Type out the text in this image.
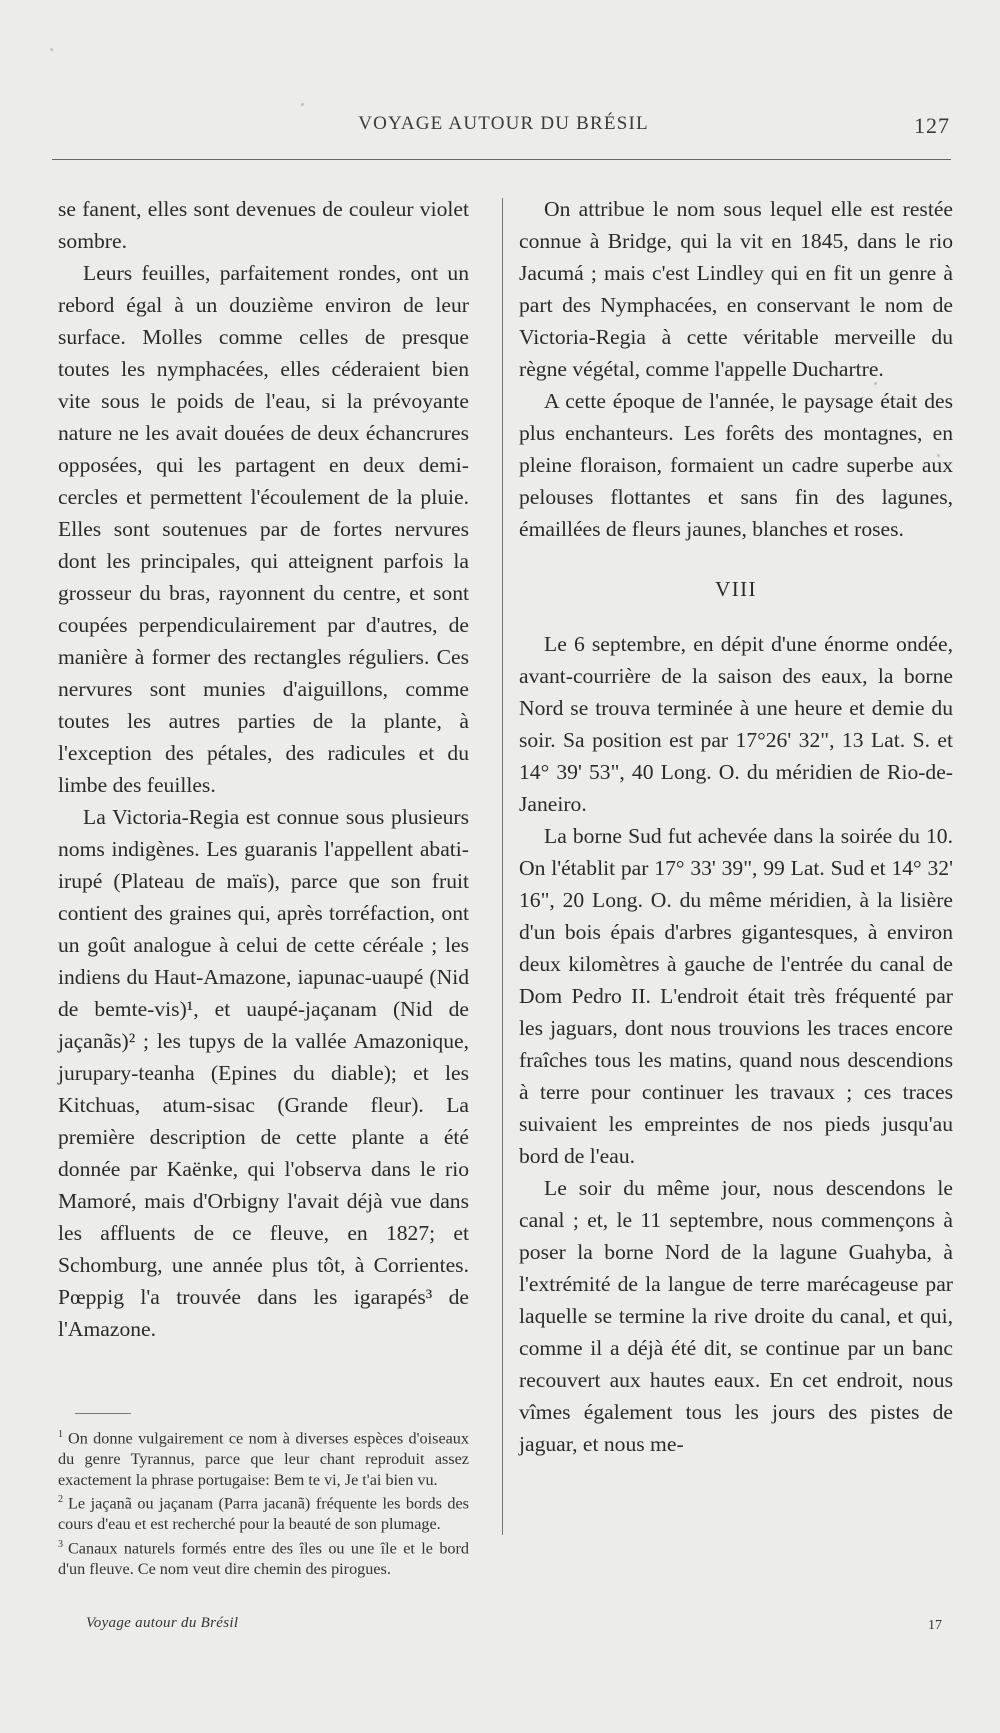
VOYAGE AUTOUR DU BRÉSIL	127

se fanent, elles sont devenues de couleur violet sombre.

Leurs feuilles, parfaitement rondes, ont un rebord égal à un douzième environ de leur surface. Molles comme celles de presque toutes les nymphacées, elles céderaient bien vite sous le poids de l'eau, si la prévoyante nature ne les avait douées de deux échancrures opposées, qui les partagent en deux demi-cercles et permettent l'écoulement de la pluie. Elles sont soutenues par de fortes nervures dont les principales, qui atteignent parfois la grosseur du bras, rayonnent du centre, et sont coupées perpendiculairement par d'autres, de manière à former des rectangles réguliers. Ces nervures sont munies d'aiguillons, comme toutes les autres parties de la plante, à l'exception des pétales, des radicules et du limbe des feuilles.

La Victoria-Regia est connue sous plusieurs noms indigènes. Les guaranis l'appellent abati-irupé (Plateau de maïs), parce que son fruit contient des graines qui, après torréfaction, ont un goût analogue à celui de cette céréale ; les indiens du Haut-Amazone, iapunac-uaupé (Nid de bemte-vis)¹, et uaupé-jaçanam (Nid de jaçanãs)² ; les tupys de la vallée Amazonique, jurupary-teanha (Epines du diable); et les Kitchuas, atum-sisac (Grande fleur). La première description de cette plante a été donnée par Kaënke, qui l'observa dans le rio Mamoré, mais d'Orbigny l'avait déjà vue dans les affluents de ce fleuve, en 1827; et Schomburg, une année plus tôt, à Corrientes. Pœppig l'a trouvée dans les igarapés³ de l'Amazone.

On attribue le nom sous lequel elle est restée connue à Bridge, qui la vit en 1845, dans le rio Jacumá ; mais c'est Lindley qui en fit un genre à part des Nymphacées, en conservant le nom de Victoria-Regia à cette véritable merveille du règne végétal, comme l'appelle Duchartre.

A cette époque de l'année, le paysage était des plus enchanteurs. Les forêts des montagnes, en pleine floraison, formaient un cadre superbe aux pelouses flottantes et sans fin des lagunes, émaillées de fleurs jaunes, blanches et roses.

VIII

Le 6 septembre, en dépit d'une énorme ondée, avant-courrière de la saison des eaux, la borne Nord se trouva terminée à une heure et demie du soir. Sa position est par 17°26' 32", 13 Lat. S. et 14° 39' 53", 40 Long. O. du méridien de Rio-de-Janeiro.

La borne Sud fut achevée dans la soirée du 10. On l'établit par 17° 33' 39", 99 Lat. Sud et 14° 32' 16", 20 Long. O. du même méridien, à la lisière d'un bois épais d'arbres gigantesques, à environ deux kilomètres à gauche de l'entrée du canal de Dom Pedro II. L'endroit était très fréquenté par les jaguars, dont nous trouvions les traces encore fraîches tous les matins, quand nous descendions à terre pour continuer les travaux ; ces traces suivaient les empreintes de nos pieds jusqu'au bord de l'eau.

Le soir du même jour, nous descendons le canal ; et, le 11 septembre, nous commençons à poser la borne Nord de la lagune Guahyba, à l'extrémité de la langue de terre marécageuse par laquelle se termine la rive droite du canal, et qui, comme il a déjà été dit, se continue par un banc recouvert aux hautes eaux. En cet endroit, nous vîmes également tous les jours des pistes de jaguar, et nous me-

$^1$ On donne vulgairement ce nom à diverses espèces d'oiseaux du genre Tyrannus, parce que leur chant reproduit assez exactement la phrase portugaise: Bem te vi, Je t'ai bien vu.

$^2$ Le jaçanã ou jaçanam (Parra jacanã) fréquente les bords des cours d'eau et est recherché pour la beauté de son plumage.

$^3$ Canaux naturels formés entre des îles ou une île et le bord d'un fleuve. Ce nom veut dire chemin des pirogues.

Voyage autour du Brésil	17
